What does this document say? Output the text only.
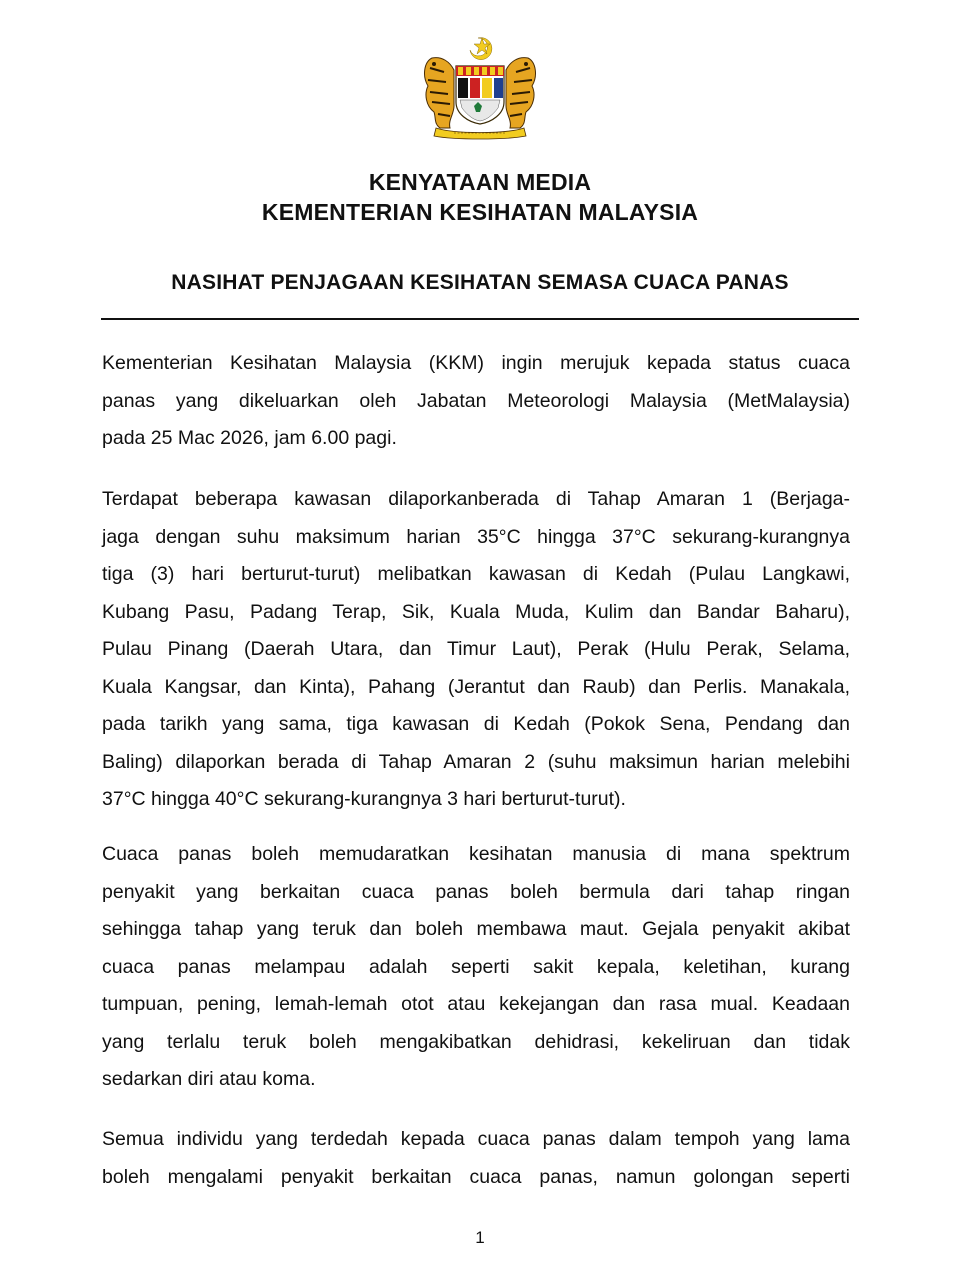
KENYATAAN MEDIA
KEMENTERIAN KESIHATAN MALAYSIA
NASIHAT PENJAGAAN KESIHATAN SEMASA CUACA PANAS

Kementerian Kesihatan Malaysia (KKM) ingin merujuk kepada status cuaca
panas yang dikeluarkan oleh Jabatan Meteorologi Malaysia (MetMalaysia)
pada 25 Mac 2026, jam 6.00 pagi.

Terdapat beberapa kawasan dilaporkanberada di Tahap Amaran 1 (Berjaga-
jaga dengan suhu maksimum harian 35°C hingga 37°C sekurang-kurangnya
tiga (3) hari berturut-turut) melibatkan kawasan di Kedah (Pulau Langkawi,
Kubang Pasu, Padang Terap, Sik, Kuala Muda, Kulim dan Bandar Baharu),
Pulau Pinang (Daerah Utara, dan Timur Laut), Perak (Hulu Perak, Selama,
Kuala Kangsar, dan Kinta), Pahang (Jerantut dan Raub) dan Perlis. Manakala,
pada tarikh yang sama, tiga kawasan di Kedah (Pokok Sena, Pendang dan
Baling) dilaporkan berada di Tahap Amaran 2 (suhu maksimun harian melebihi
37°C hingga 40°C sekurang-kurangnya 3 hari berturut-turut).

Cuaca panas boleh memudaratkan kesihatan manusia di mana spektrum
penyakit yang berkaitan cuaca panas boleh bermula dari tahap ringan
sehingga tahap yang teruk dan boleh membawa maut. Gejala penyakit akibat
cuaca panas melampau adalah seperti sakit kepala, keletihan, kurang
tumpuan, pening, lemah-lemah otot atau kekejangan dan rasa mual. Keadaan
yang terlalu teruk boleh mengakibatkan dehidrasi, kekeliruan dan tidak
sedarkan diri atau koma.

Semua individu yang terdedah kepada cuaca panas dalam tempoh yang lama
boleh mengalami penyakit berkaitan cuaca panas, namun golongan seperti

1
